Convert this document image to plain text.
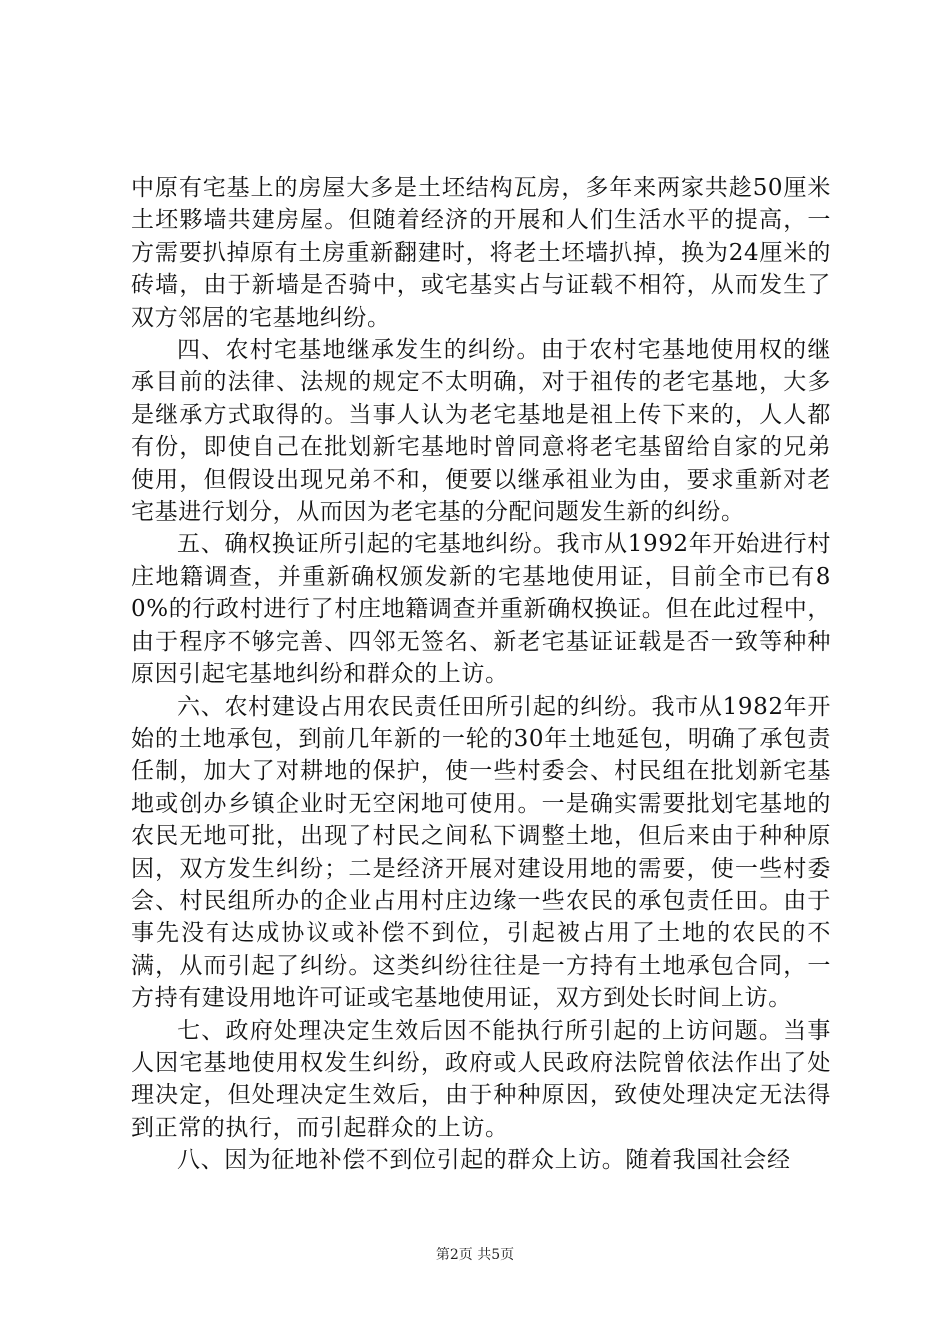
中原有宅基上的房屋大多是土坯结构瓦房，多年来两家共趁50厘米土坯夥墙共建房屋。但随着经济的开展和人们生活水平的提高，一方需要扒掉原有土房重新翻建时，将老土坯墙扒掉，换为24厘米的砖墙，由于新墙是否骑中，或宅基实占与证载不相符，从而发生了双方邻居的宅基地纠纷。

四、农村宅基地继承发生的纠纷。由于农村宅基地使用权的继承目前的法律、法规的规定不太明确，对于祖传的老宅基地，大多是继承方式取得的。当事人认为老宅基地是祖上传下来的，人人都有份，即使自己在批划新宅基地时曾同意将老宅基留给自家的兄弟使用，但假设出现兄弟不和，便要以继承祖业为由，要求重新对老宅基进行划分，从而因为老宅基的分配问题发生新的纠纷。

五、确权换证所引起的宅基地纠纷。我市从1992年开始进行村庄地籍调查，并重新确权颁发新的宅基地使用证，目前全市已有80%的行政村进行了村庄地籍调查并重新确权换证。但在此过程中，由于程序不够完善、四邻无签名、新老宅基证证载是否一致等种种原因引起宅基地纠纷和群众的上访。

六、农村建设占用农民责任田所引起的纠纷。我市从1982年开始的土地承包，到前几年新的一轮的30年土地延包，明确了承包责任制，加大了对耕地的保护，使一些村委会、村民组在批划新宅基地或创办乡镇企业时无空闲地可使用。一是确实需要批划宅基地的农民无地可批，出现了村民之间私下调整土地，但后来由于种种原因，双方发生纠纷；二是经济开展对建设用地的需要，使一些村委会、村民组所办的企业占用村庄边缘一些农民的承包责任田。由于事先没有达成协议或补偿不到位，引起被占用了土地的农民的不满，从而引起了纠纷。这类纠纷往往是一方持有土地承包合同，一方持有建设用地许可证或宅基地使用证，双方到处长时间上访。

七、政府处理决定生效后因不能执行所引起的上访问题。当事人因宅基地使用权发生纠纷，政府或人民政府法院曾依法作出了处理决定，但处理决定生效后，由于种种原因，致使处理决定无法得到正常的执行，而引起群众的上访。

八、因为征地补偿不到位引起的群众上访。随着我国社会经

第2页 共5页
